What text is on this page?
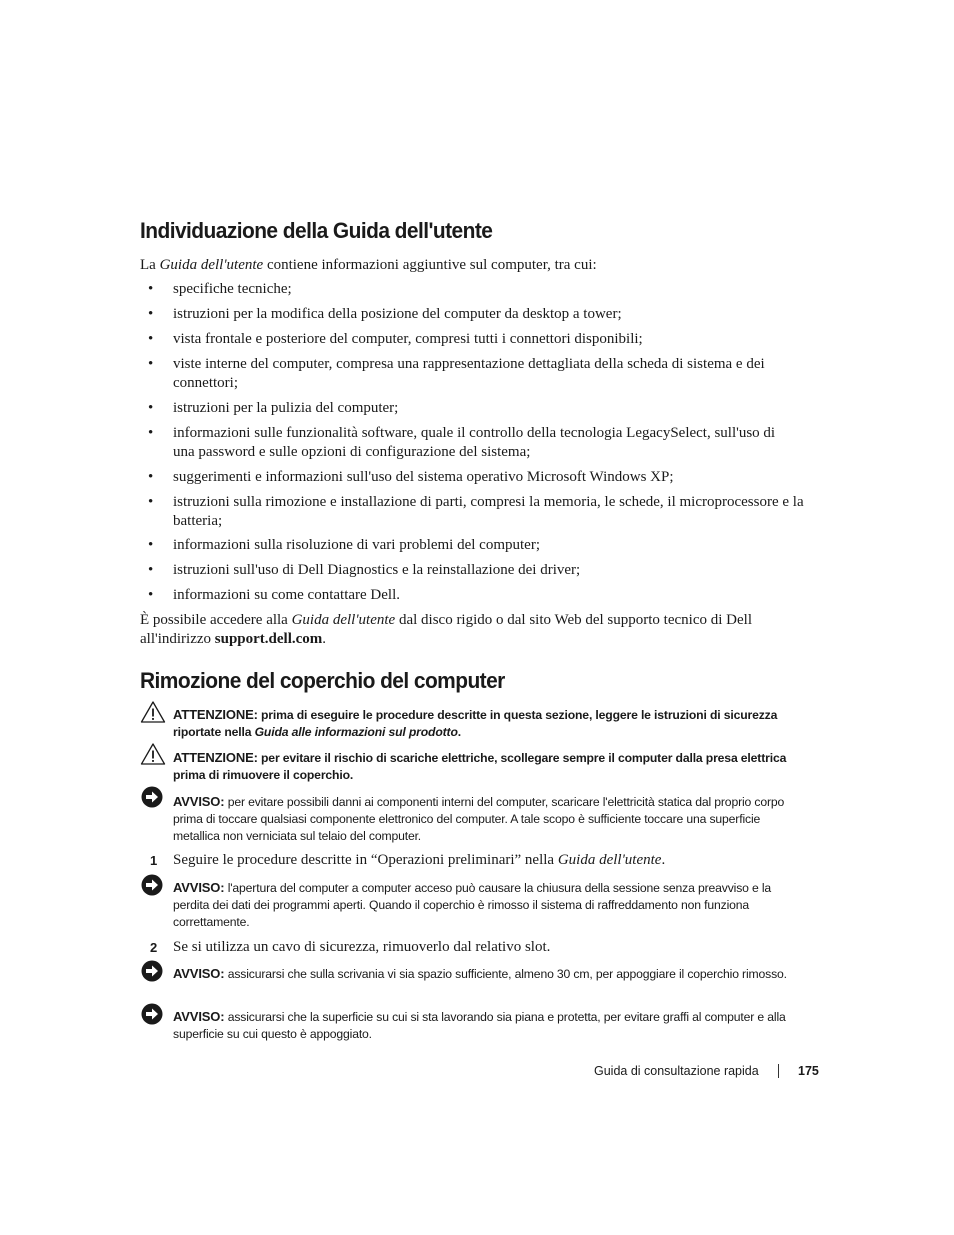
Individuazione della Guida dell'utente

La Guida dell'utente contiene informazioni aggiuntive sul computer, tra cui:

• specifiche tecniche;
• istruzioni per la modifica della posizione del computer da desktop a tower;
• vista frontale e posteriore del computer, compresi tutti i connettori disponibili;
• viste interne del computer, compresa una rappresentazione dettagliata della scheda di sistema e dei connettori;
• istruzioni per la pulizia del computer;
• informazioni sulle funzionalità software, quale il controllo della tecnologia LegacySelect, sull'uso di una password e sulle opzioni di configurazione del sistema;
• suggerimenti e informazioni sull'uso del sistema operativo Microsoft Windows XP;
• istruzioni sulla rimozione e installazione di parti, compresi la memoria, le schede, il microprocessore e la batteria;
• informazioni sulla risoluzione di vari problemi del computer;
• istruzioni sull'uso di Dell Diagnostics e la reinstallazione dei driver;
• informazioni su come contattare Dell.

È possibile accedere alla Guida dell'utente dal disco rigido o dal sito Web del supporto tecnico di Dell all'indirizzo support.dell.com.

Rimozione del coperchio del computer
ATTENZIONE: prima di eseguire le procedure descritte in questa sezione, leggere le istruzioni di sicurezza riportate nella Guida alle informazioni sul prodotto.
ATTENZIONE: per evitare il rischio di scariche elettriche, scollegare sempre il computer dalla presa elettrica prima di rimuovere il coperchio.
AVVISO: per evitare possibili danni ai componenti interni del computer, scaricare l'elettricità statica dal proprio corpo prima di toccare qualsiasi componente elettronico del computer. A tale scopo è sufficiente toccare una superficie metallica non verniciata sul telaio del computer.
1 Seguire le procedure descritte in “Operazioni preliminari” nella Guida dell'utente.

AVVISO: l'apertura del computer a computer acceso può causare la chiusura della sessione senza preavviso e la perdita dei dati dei programmi aperti. Quando il coperchio è rimosso il sistema di raffreddamento non funziona correttamente.
2 Se si utilizza un cavo di sicurezza, rimuoverlo dal relativo slot.

AVVISO: assicurarsi che sulla scrivania vi sia spazio sufficiente, almeno 30 cm, per appoggiare il coperchio rimosso.
AVVISO: assicurarsi che la superficie su cui si sta lavorando sia piana e protetta, per evitare graffi al computer e alla superficie su cui questo è appoggiato.
Guida di consultazione rapida	175
